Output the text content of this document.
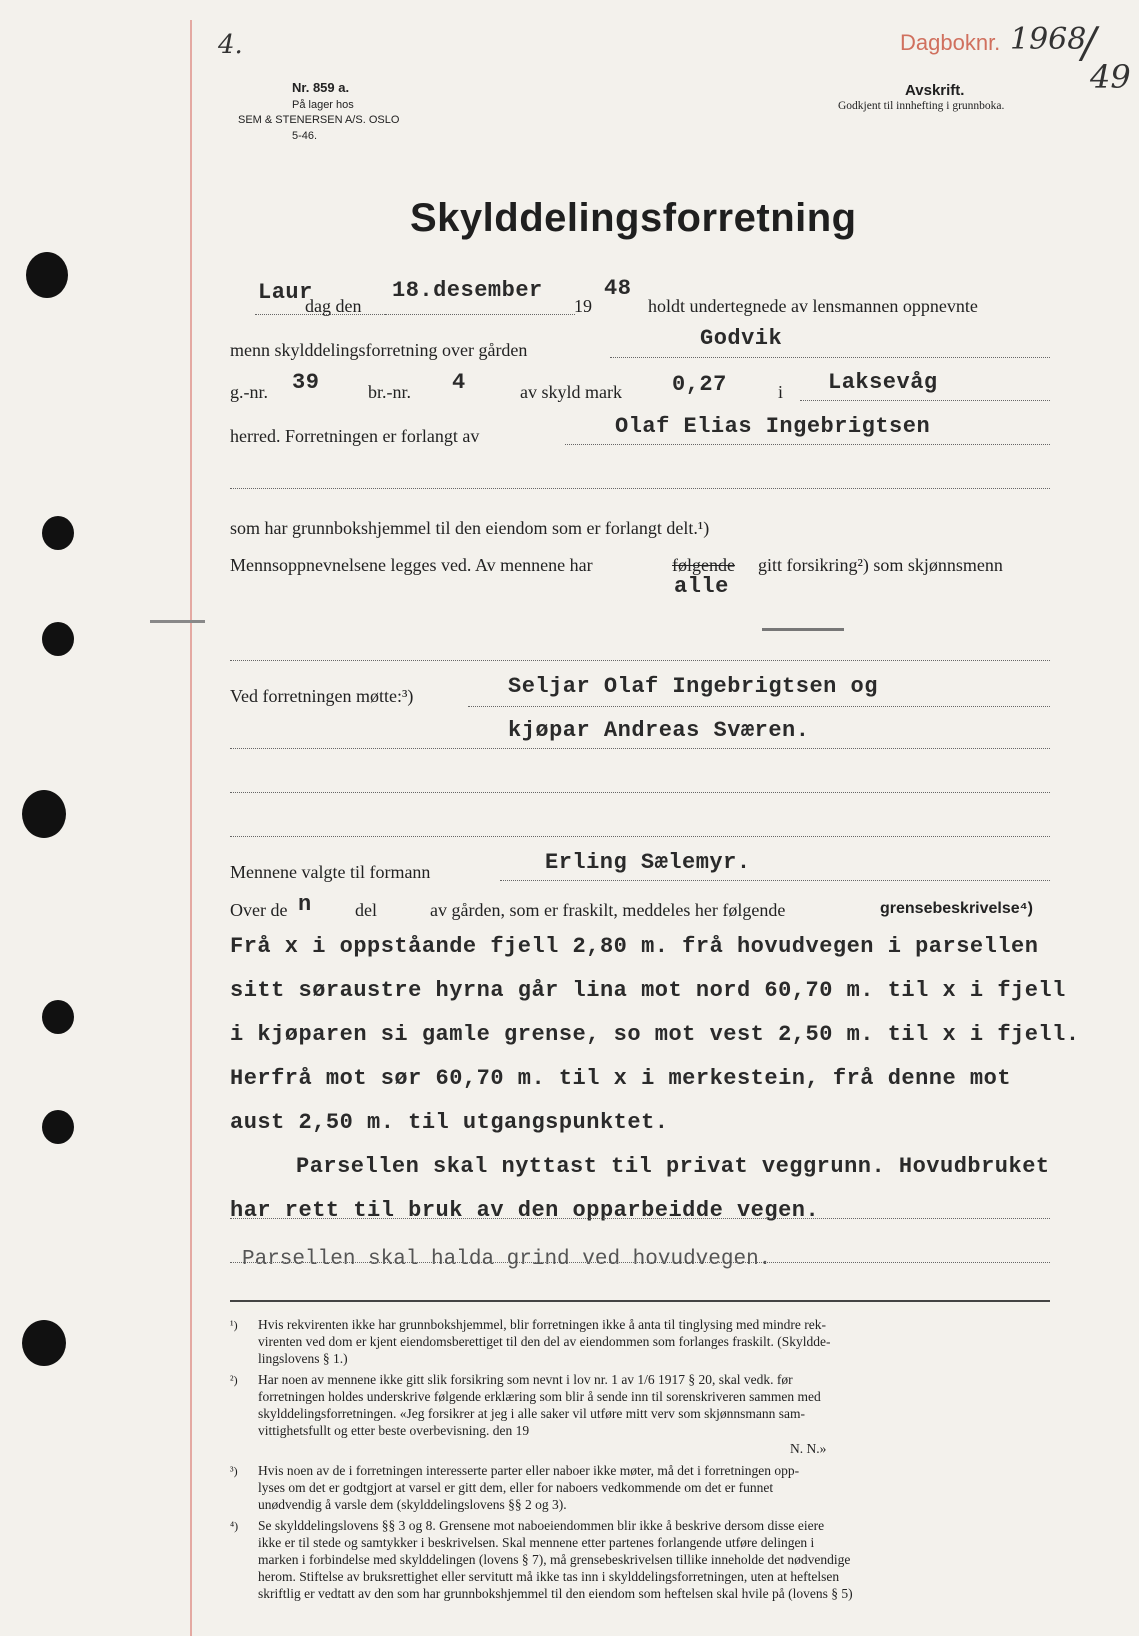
4.
Nr. 859 a.
På lager hos
SEM & STENERSEN A/S. OSLO
5-46.
Dagboknr. 1968
/
49
Avskrift.
Godkjent til innhefting i grunnboka.
Skylddelingsforretning
Laur
dag den
18.desember
19
48
holdt undertegnede av lensmannen oppnevnte
menn skylddelingsforretning over gården	Godvik
g.-nr. 39	br.-nr. 4	av skyld mark 0,27	i Laksevåg
herred. Forretningen er forlangt av	Olaf Elias Ingebrigtsen
som har grunnbokshjemmel til den eiendom som er forlangt delt.¹)
Mennsoppnevnelsene legges ved. Av mennene har	følgende gitt forsikring²) som skjønnsmenn
alle
Ved forretningen møtte:³)	Seljar Olaf Ingebrigtsen og
kjøpar Andreas Sværen.
Mennene valgte til formann	Erling Sælemyr.
Over de n del	av gården, som er fraskilt, meddeles her følgende	grensebeskrivelse⁴)
Frå x i oppståande fjell 2,80 m. frå hovudvegen i parsellen
sitt søraustre hyrna går lina mot nord 60,70 m. til x i fjell
i kjøparen si gamle grense, so mot vest 2,50 m. til x i fjell.
Herfrå mot sør 60,70 m. til x i merkestein, frå denne mot
aust 2,50 m. til utgangspunktet.
Parsellen skal nyttast til privat veggrunn. Hovudbruket
har rett til bruk av den opparbeidde vegen.
Parsellen skal halda grind ved hovudvegen.
¹) Hvis rekvirenten ikke har grunnbokshjemmel, blir forretningen ikke å anta til tinglysing med mindre rek-
virenten ved dom er kjent eiendomsberettiget til den del av eiendommen som forlanges fraskilt. (Skyldde-
lingslovens § 1.)
²) Har noen av mennene ikke gitt slik forsikring som nevnt i lov nr. 1 av 1/6 1917 § 20, skal vedk. før
forretningen holdes underskrive følgende erklæring som blir å sende inn til sorenskriveren sammen med
skylddelingsforretningen. «Jeg forsikrer at jeg i alle saker vil utføre mitt verv som skjønnsmann sam-
vittighetsfullt og etter beste overbevisning. den 19
N. N.»
³) Hvis noen av de i forretningen interesserte parter eller naboer ikke møter, må det i forretningen opp-
lyses om det er godtgjort at varsel er gitt dem, eller for naboers vedkommende om det er funnet
unødvendig å varsle dem (skylddelingslovens §§ 2 og 3).
⁴) Se skylddelingslovens §§ 3 og 8. Grensene mot naboeiendommen blir ikke å beskrive dersom disse eiere
ikke er til stede og samtykker i beskrivelsen. Skal mennene etter partenes forlangende utføre delingen i
marken i forbindelse med skylddelingen (lovens § 7), må grensebeskrivelsen tillike inneholde det nødvendige
herom. Stiftelse av bruksrettighet eller servitutt må ikke tas inn i skylddelingsforretningen, uten at heftelsen
skriftlig er vedtatt av den som har grunnbokshjemmel til den eiendom som heftelsen skal hvile på (lovens § 5)
